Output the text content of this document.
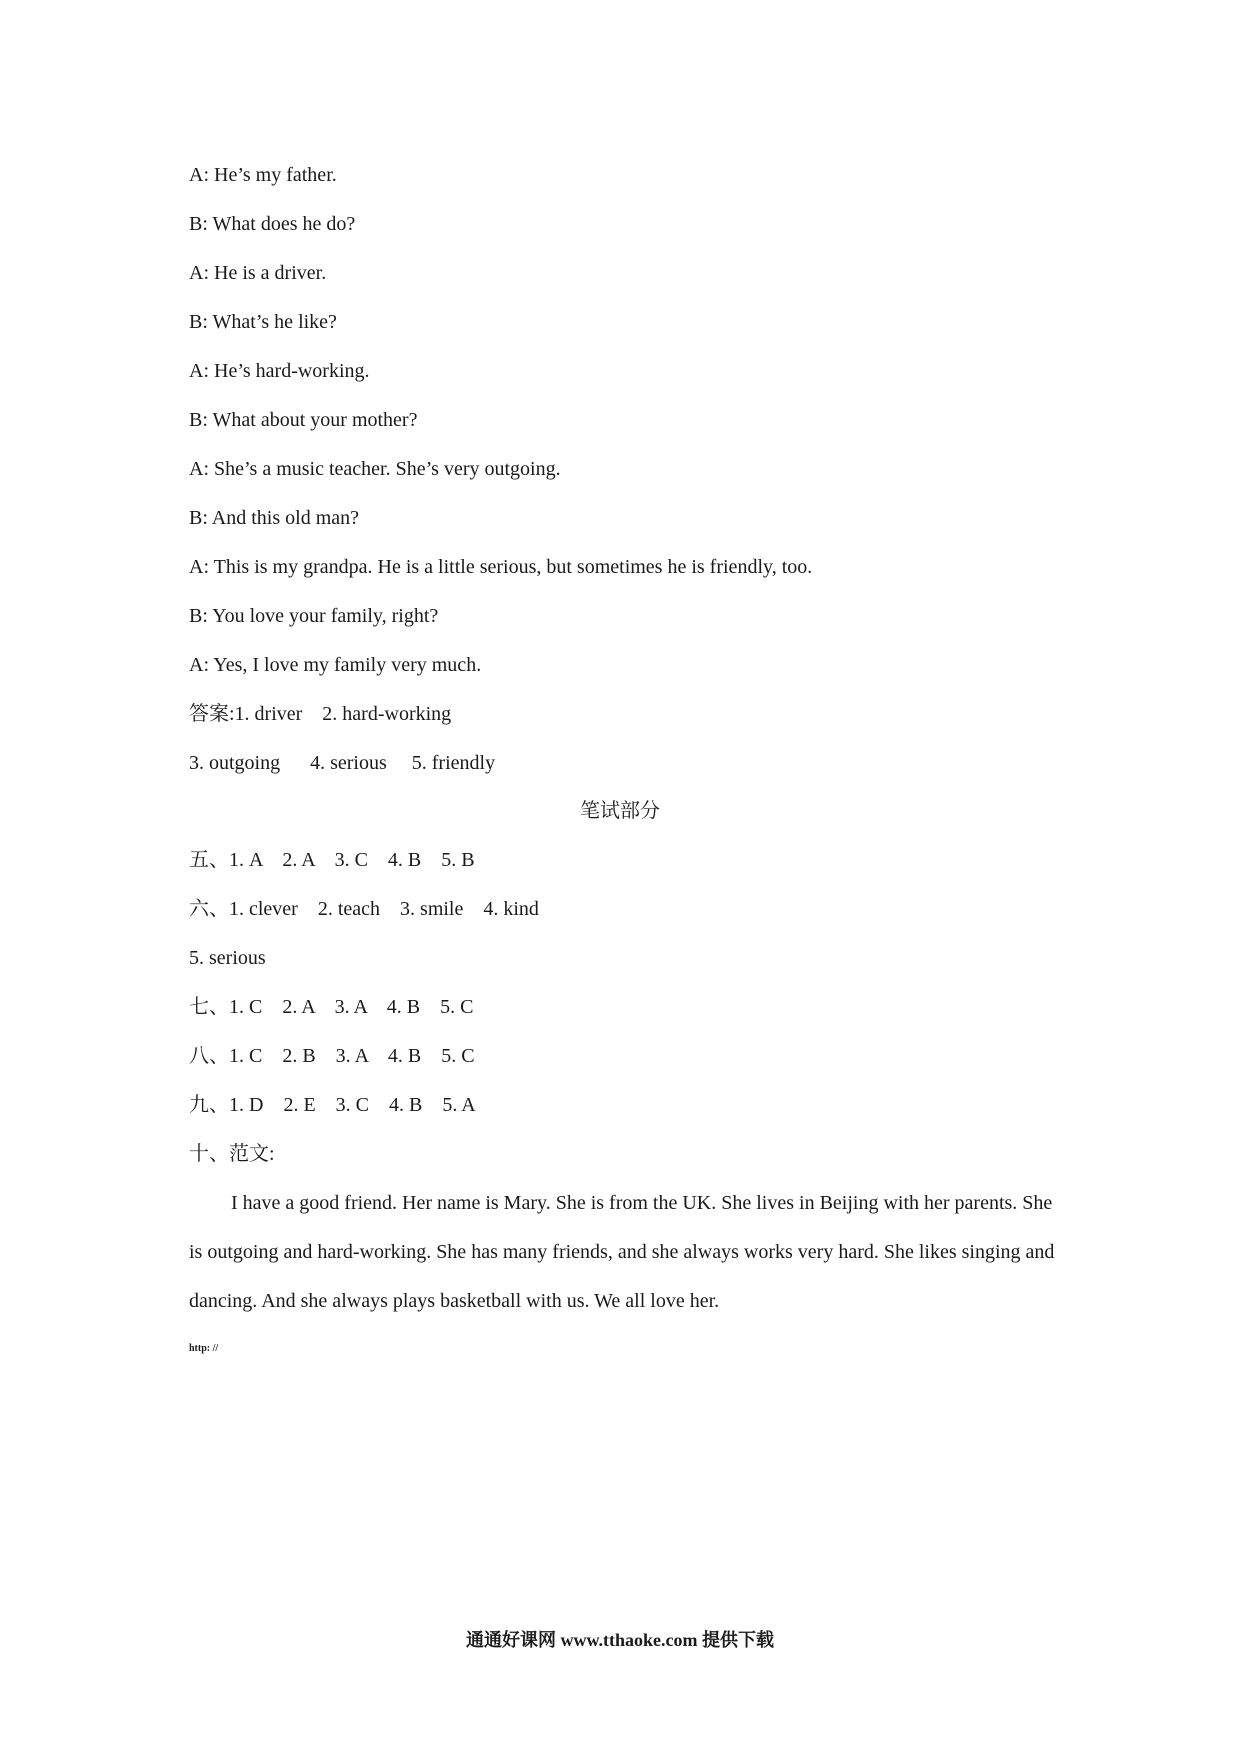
A: He’s my father.
B: What does he do?
A: He is a driver.
B: What’s he like?
A: He’s hard-working.
B: What about your mother?
A: She’s a music teacher. She’s very outgoing.
B: And this old man?
A: This is my grandpa. He is a little serious, but sometimes he is friendly, too.
B: You love your family, right?
A: Yes, I love my family very much.
答案:1. driver    2. hard-working
3. outgoing      4. serious     5. friendly
笔试部分
五、1. A    2. A    3. C    4. B    5. B
六、1. clever    2. teach    3. smile    4. kind
5. serious
七、1. C    2. A    3. A    4. B    5. C
八、1. C    2. B    3. A    4. B    5. C
九、1. D    2. E    3. C    4. B    5. A
十、范文:
I have a good friend. Her name is Mary. She is from the UK. She lives in Beijing with her parents. She is outgoing and hard-working. She has many friends, and she always works very hard. She likes singing and dancing. And she always plays basketball with us. We all love her.
http: //
通通好课网 www.tthaoke.com 提供下载
